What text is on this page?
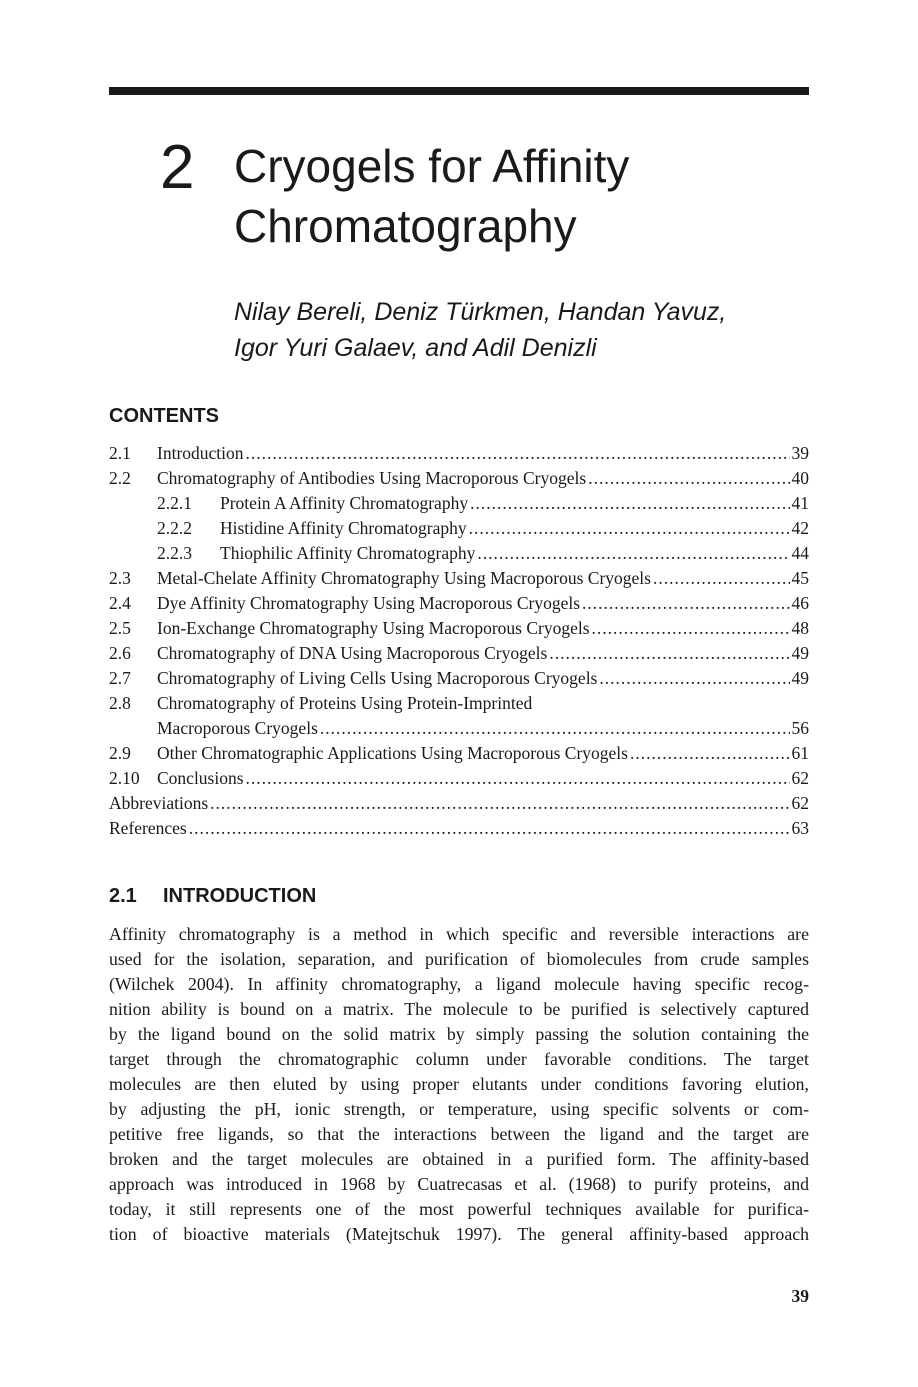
2 Cryogels for Affinity
Chromatography
Nilay Bereli, Deniz Türkmen, Handan Yavuz,
Igor Yuri Galaev, and Adil Denizli
CONTENTS
2.1	Introduction .....	39
2.2	Chromatography of Antibodies Using Macroporous Cryogels .....	40
2.2.1	Protein A Affinity Chromatography .....	41
2.2.2	Histidine Affinity Chromatography .....	42
2.2.3	Thiophilic Affinity Chromatography .....	44
2.3	Metal-Chelate Affinity Chromatography Using Macroporous Cryogels .....	45
2.4	Dye Affinity Chromatography Using Macroporous Cryogels .....	46
2.5	Ion-Exchange Chromatography Using Macroporous Cryogels .....	48
2.6	Chromatography of DNA Using Macroporous Cryogels .....	49
2.7	Chromatography of Living Cells Using Macroporous Cryogels .....	49
2.8	Chromatography of Proteins Using Protein-Imprinted
Macroporous Cryogels .....	56
2.9	Other Chromatographic Applications Using Macroporous Cryogels .....	61
2.10 Conclusions .....	62
Abbreviations .....	62
References .....	63
2.1 INTRODUCTION
Affinity chromatography is a method in which specific and reversible interactions are
used for the isolation, separation, and purification of biomolecules from crude samples
(Wilchek 2004). In affinity chromatography, a ligand molecule having specific recog-
nition ability is bound on a matrix. The molecule to be purified is selectively captured
by the ligand bound on the solid matrix by simply passing the solution containing the
target through the chromatographic column under favorable conditions. The target
molecules are then eluted by using proper elutants under conditions favoring elution,
by adjusting the pH, ionic strength, or temperature, using specific solvents or com-
petitive free ligands, so that the interactions between the ligand and the target are
broken and the target molecules are obtained in a purified form. The affinity-based
approach was introduced in 1968 by Cuatrecasas et al. (1968) to purify proteins, and
today, it still represents one of the most powerful techniques available for purifica-
tion of bioactive materials (Matejtschuk 1997). The general affinity-based approach
39
